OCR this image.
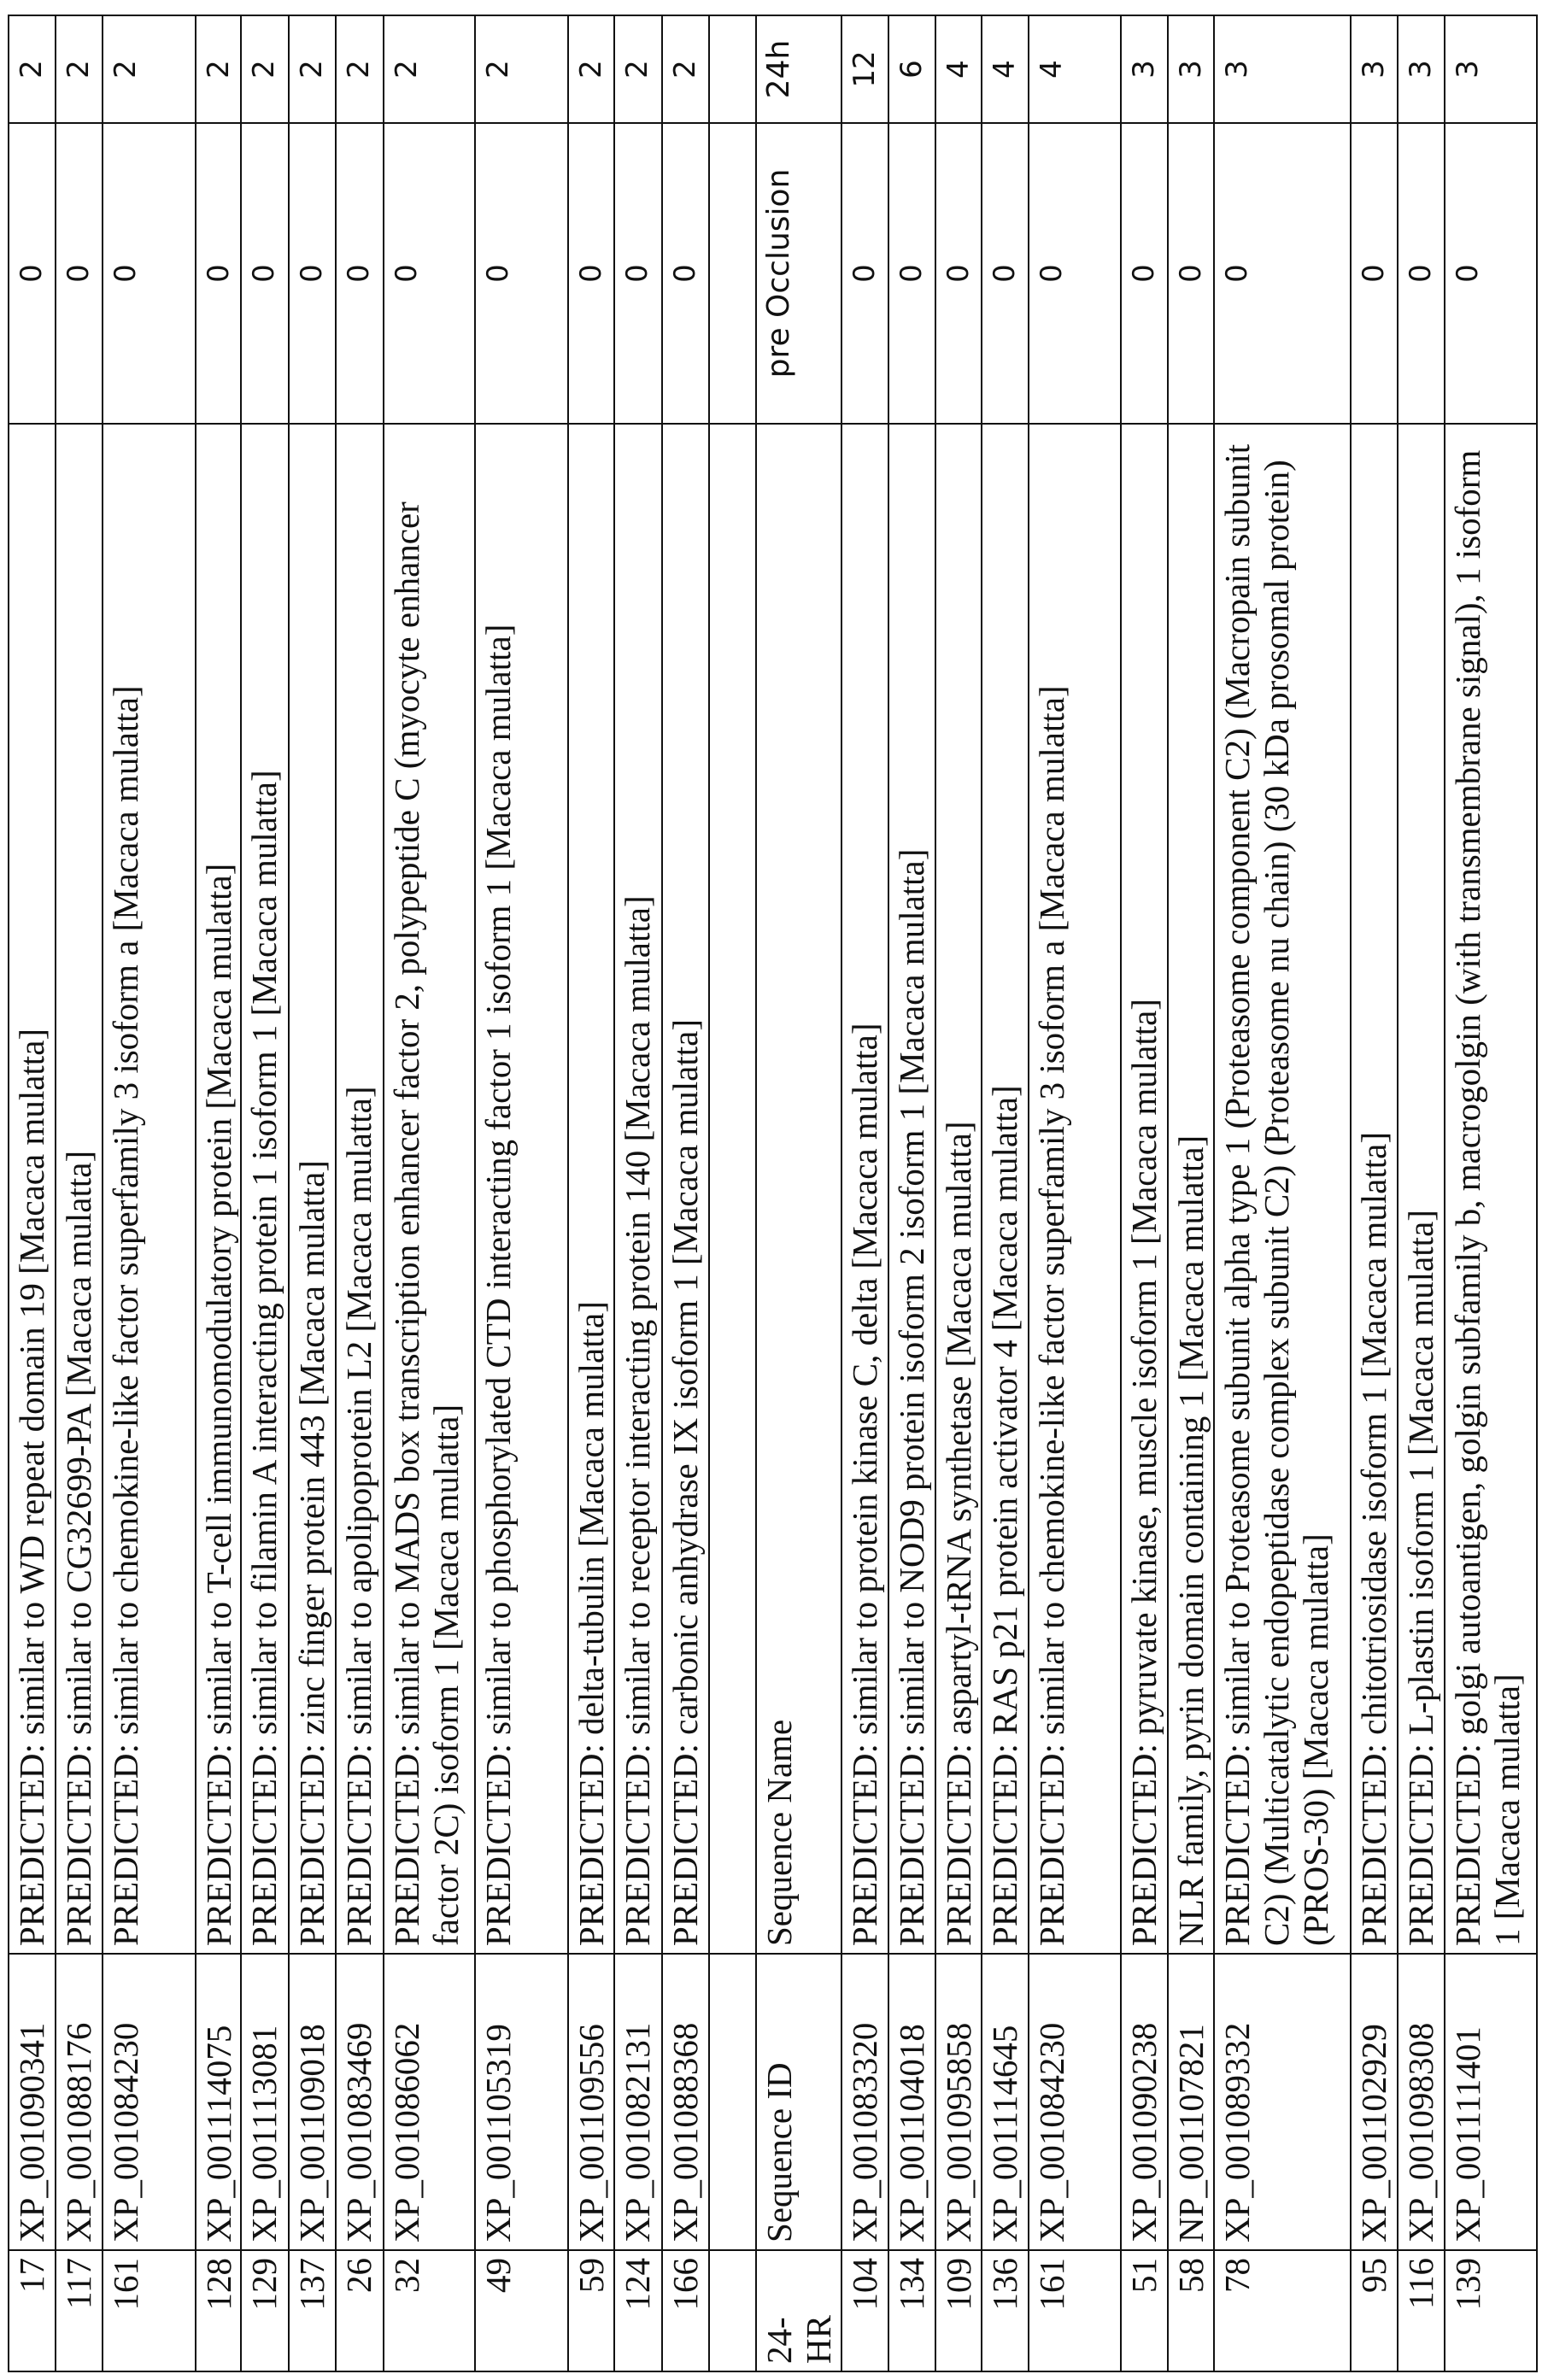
17	XP_001090341	PREDICTED: similar to WD repeat domain 19 [Macaca mulatta]	0	2
117	XP_001088176	PREDICTED: similar to CG32699-PA [Macaca mulatta]	0	2
161	XP_001084230	PREDICTED: similar to chemokine-like factor superfamily 3 isoform a [Macaca mulatta]	0	2
128	XP_001114075	PREDICTED: similar to T-cell immunomodulatory protein [Macaca mulatta]	0	2
129	XP_001113081	PREDICTED: similar to filamin A interacting protein 1 isoform 1 [Macaca mulatta]	0	2
137	XP_001109018	PREDICTED: zinc finger protein 443 [Macaca mulatta]	0	2
26	XP_001083469	PREDICTED: similar to apolipoprotein L2 [Macaca mulatta]	0	2
32	XP_001086062	PREDICTED: similar to MADS box transcription enhancer factor 2, polypeptide C (myocyte enhancer factor 2C) isoform 1 [Macaca mulatta]	0	2
49	XP_001105319	PREDICTED: similar to phosphorylated CTD interacting factor 1 isoform 1 [Macaca mulatta]	0	2
59	XP_001109556	PREDICTED: delta-tubulin [Macaca mulatta]	0	2
124	XP_001082131	PREDICTED: similar to receptor interacting protein 140 [Macaca mulatta]	0	2
166	XP_001088368	PREDICTED: carbonic anhydrase IX isoform 1 [Macaca mulatta]	0	2

24-HR	Sequence ID	Sequence Name	pre Occlusion	24h
104	XP_001083320	PREDICTED: similar to protein kinase C, delta [Macaca mulatta]	0	12
134	XP_001104018	PREDICTED: similar to NOD9 protein isoform 2 isoform 1 [Macaca mulatta]	0	6
109	XP_001095858	PREDICTED: aspartyl-tRNA synthetase [Macaca mulatta]	0	4
136	XP_001114645	PREDICTED: RAS p21 protein activator 4 [Macaca mulatta]	0	4
161	XP_001084230	PREDICTED: similar to chemokine-like factor superfamily 3 isoform a [Macaca mulatta]	0	4
51	XP_001090238	PREDICTED: pyruvate kinase, muscle isoform 1 [Macaca mulatta]	0	3
58	NP_001107821	NLR family, pyrin domain containing 1 [Macaca mulatta]	0	3
78	XP_001089332	PREDICTED: similar to Proteasome subunit alpha type 1 (Proteasome component C2) (Macropain subunit C2) (Multicatalytic endopeptidase complex subunit C2) (Proteasome nu chain) (30 kDa prosomal protein) (PROS-30) [Macaca mulatta]	0	3
95	XP_001102929	PREDICTED: chitotriosidase isoform 1 [Macaca mulatta]	0	3
116	XP_001098308	PREDICTED: L-plastin isoform 1 [Macaca mulatta]	0	3
139	XP_001111401	PREDICTED: golgi autoantigen, golgin subfamily b, macrogolgin (with transmembrane signal), 1 isoform 1 [Macaca mulatta]	0	3
